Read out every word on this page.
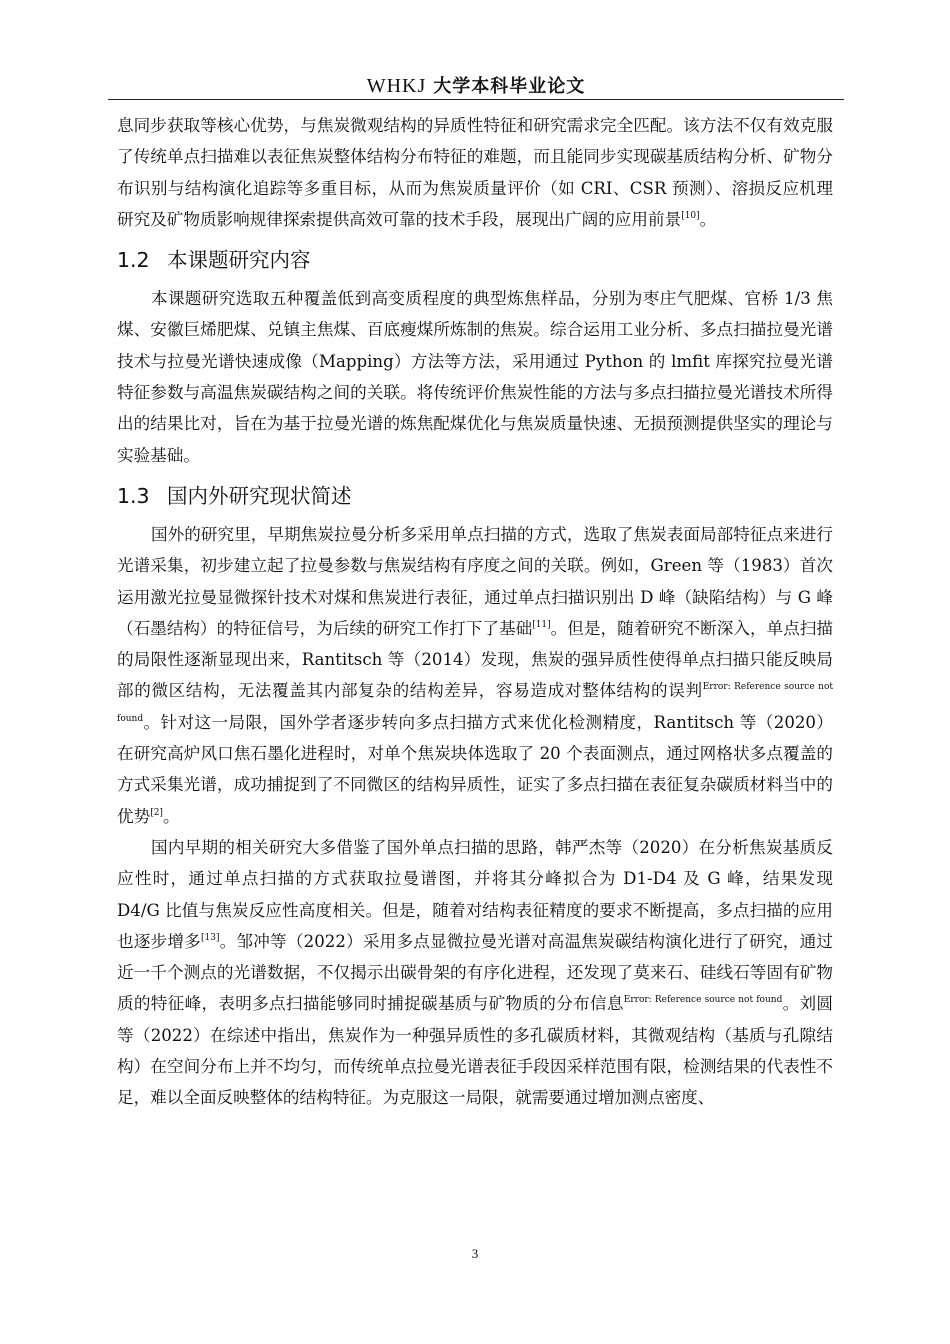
WHKJ 大学本科毕业论文

息同步获取等核心优势，与焦炭微观结构的异质性特征和研究需求完全匹配。该方法不仅有效克服了传统单点扫描难以表征焦炭整体结构分布特征的难题，而且能同步实现碳基质结构分析、矿物分布识别与结构演化追踪等多重目标，从而为焦炭质量评价（如 CRI、CSR 预测）、溶损反应机理研究及矿物质影响规律探索提供高效可靠的技术手段，展现出广阔的应用前景[10]。

1.2 本课题研究内容

本课题研究选取五种覆盖低到高变质程度的典型炼焦样品，分别为枣庄气肥煤、官桥 1/3 焦煤、安徽巨烯肥煤、兑镇主焦煤、百底瘦煤所炼制的焦炭。综合运用工业分析、多点扫描拉曼光谱技术与拉曼光谱快速成像（Mapping）方法等方法，采用通过 Python 的 lmfit 库探究拉曼光谱特征参数与高温焦炭碳结构之间的关联。将传统评价焦炭性能的方法与多点扫描拉曼光谱技术所得出的结果比对，旨在为基于拉曼光谱的炼焦配煤优化与焦炭质量快速、无损预测提供坚实的理论与实验基础。

1.3 国内外研究现状简述

国外的研究里，早期焦炭拉曼分析多采用单点扫描的方式，选取了焦炭表面局部特征点来进行光谱采集，初步建立起了拉曼参数与焦炭结构有序度之间的关联。例如，Green 等（1983）首次运用激光拉曼显微探针技术对煤和焦炭进行表征，通过单点扫描识别出 D 峰（缺陷结构）与 G 峰（石墨结构）的特征信号，为后续的研究工作打下了基础[11]。但是，随着研究不断深入，单点扫描的局限性逐渐显现出来，Rantitsch 等（2014）发现，焦炭的强异质性使得单点扫描只能反映局部的微区结构，无法覆盖其内部复杂的结构差异，容易造成对整体结构的误判$^{Error: Reference source not found}$。针对这一局限，国外学者逐步转向多点扫描方式来优化检测精度，Rantitsch 等（2020）在研究高炉风口焦石墨化进程时，对单个焦炭块体选取了 20 个表面测点，通过网格状多点覆盖的方式采集光谱，成功捕捉到了不同微区的结构异质性，证实了多点扫描在表征复杂碳质材料当中的优势[2]。

国内早期的相关研究大多借鉴了国外单点扫描的思路，韩严杰等（2020）在分析焦炭基质反应性时，通过单点扫描的方式获取拉曼谱图，并将其分峰拟合为 D1-D4 及 G 峰，结果发现 D4/G 比值与焦炭反应性高度相关。但是，随着对结构表征精度的要求不断提高，多点扫描的应用也逐步增多[13]。邹冲等（2022）采用多点显微拉曼光谱对高温焦炭碳结构演化进行了研究，通过近一千个测点的光谱数据，不仅揭示出碳骨架的有序化进程，还发现了莫来石、硅线石等固有矿物质的特征峰，表明多点扫描能够同时捕捉碳基质与矿物质的分布信息$^{Error: Reference source not found}$。刘圆等（2022）在综述中指出，焦炭作为一种强异质性的多孔碳质材料，其微观结构（基质与孔隙结构）在空间分布上并不均匀，而传统单点拉曼光谱表征手段因采样范围有限，检测结果的代表性不足，难以全面反映整体的结构特征。为克服这一局限，就需要通过增加测点密度、

3
